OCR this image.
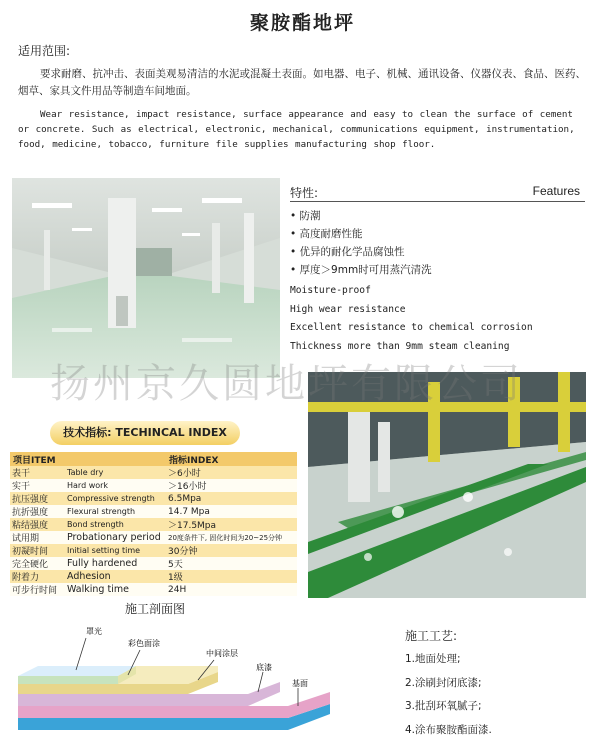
聚胺酯地坪
适用范围:
要求耐磨、抗冲击、表面美观易清洁的水泥或混凝土表面。如电器、电子、机械、通讯设备、仪器仪表、食品、医药、烟草、家具文件用品等制造车间地面。
Wear resistance, impact resistance, surface appearance and easy to clean the surface of cement or concrete. Such as electrical, electronic, mechanical, communications equipment, instrumentation, food, medicine, tobacco, furniture file supplies manufacturing shop floor.
特性:	Features
• 防潮
• 高度耐磨性能
• 优异的耐化学品腐蚀性
• 厚度＞9mm时可用蒸汽清洗
Moisture-proof
High wear resistance
Excellent resistance to chemical corrosion
Thickness more than 9mm steam cleaning
扬州京久圆地坪有限公司
技术指标: TECHINCAL INDEX
项目ITEM		指标INDEX
表干	Table dry	＞6小时
实干	Hard work	＞16小时
抗压强度	Compressive strength	6.5Mpa
抗折强度	Flexural strength	14.7 Mpa
粘结强度	Bond strength	＞17.5Mpa
试用期	Probationary period	20度条件下, 固化时间为20~25分钟
初凝时间	Initial setting time	30分钟
完全硬化	Fully hardened	5天
附着力	Adhesion	1级
可步行时间	Walking time	24H
施工剖面图
罩光
彩色面涂
中间涂层
底漆
基面
施工工艺:
1.地面处理;
2.涂刷封闭底漆;
3.批刮环氧腻子;
4.涂布聚胺酯面漆.
